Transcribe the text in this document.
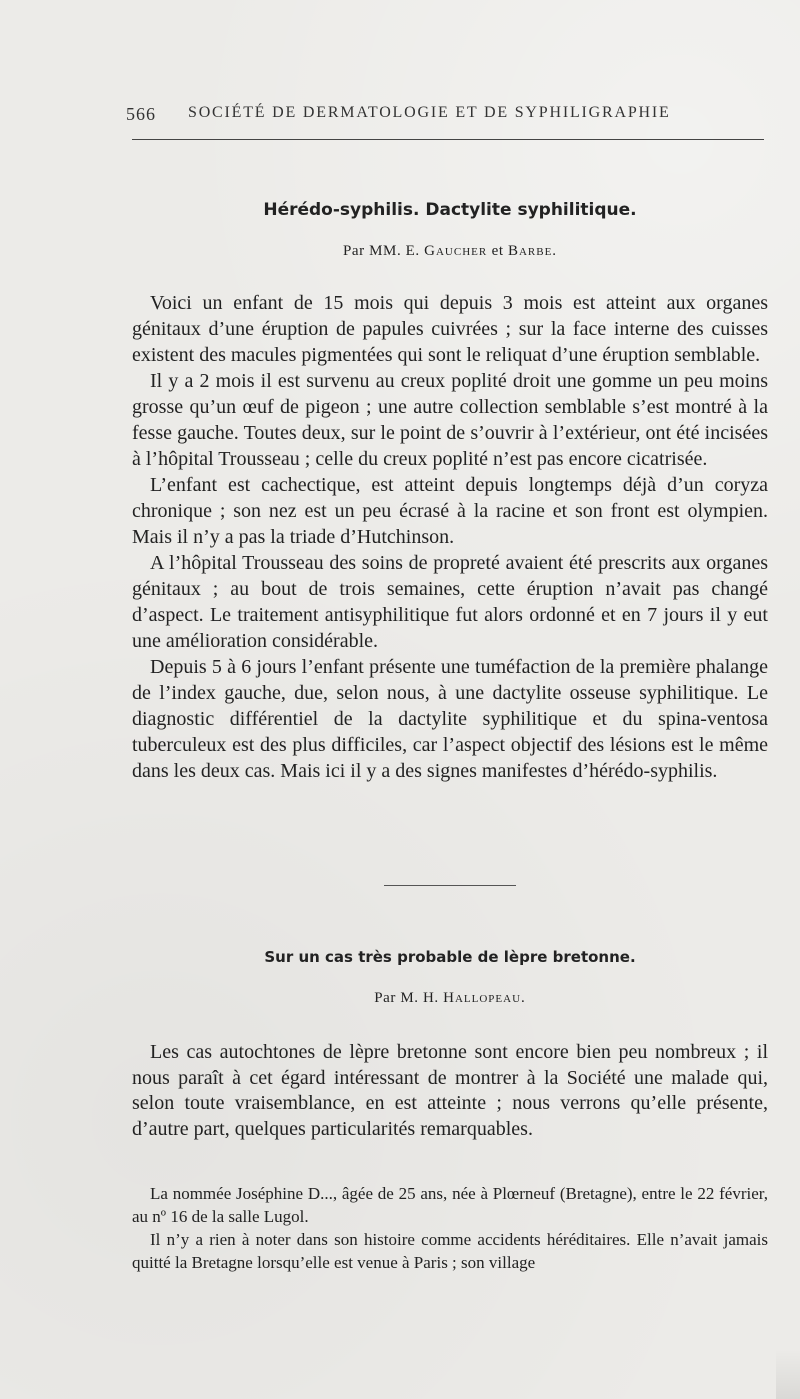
566 SOCIÉTÉ DE DERMATOLOGIE ET DE SYPHILIGRAPHIE
Hérédo-syphilis. Dactylite syphilitique.
Par MM. E. Gaucher et Barbe.

Voici un enfant de 15 mois qui depuis 3 mois est atteint aux organes génitaux d’une éruption de papules cuivrées ; sur la face interne des cuisses existent des macules pigmentées qui sont le reliquat d’une éruption semblable.

Il y a 2 mois il est survenu au creux poplité droit une gomme un peu moins grosse qu’un œuf de pigeon ; une autre collection semblable s’est montré à la fesse gauche. Toutes deux, sur le point de s’ouvrir à l’extérieur, ont été incisées à l’hôpital Trousseau ; celle du creux poplité n’est pas encore cicatrisée.

L’enfant est cachectique, est atteint depuis longtemps déjà d’un coryza chronique ; son nez est un peu écrasé à la racine et son front est olympien. Mais il n’y a pas la triade d’Hutchinson.

A l’hôpital Trousseau des soins de propreté avaient été prescrits aux organes génitaux ; au bout de trois semaines, cette éruption n’avait pas changé d’aspect. Le traitement antisyphilitique fut alors ordonné et en 7 jours il y eut une amélioration considérable.

Depuis 5 à 6 jours l’enfant présente une tuméfaction de la première phalange de l’index gauche, due, selon nous, à une dactylite osseuse syphilitique. Le diagnostic différentiel de la dactylite syphilitique et du spina-ventosa tuberculeux est des plus difficiles, car l’aspect objectif des lésions est le même dans les deux cas. Mais ici il y a des signes manifestes d’hérédo-syphilis.

Sur un cas très probable de lèpre bretonne.
Par M. H. Hallopeau.

Les cas autochtones de lèpre bretonne sont encore bien peu nombreux ; il nous paraît à cet égard intéressant de montrer à la Société une malade qui, selon toute vraisemblance, en est atteinte ; nous verrons qu’elle présente, d’autre part, quelques particularités remarquables.

La nommée Joséphine D..., âgée de 25 ans, née à Plœrneuf (Bretagne), entre le 22 février, au nº 16 de la salle Lugol.

Il n’y a rien à noter dans son histoire comme accidents héréditaires. Elle n’avait jamais quitté la Bretagne lorsqu’elle est venue à Paris ; son village
